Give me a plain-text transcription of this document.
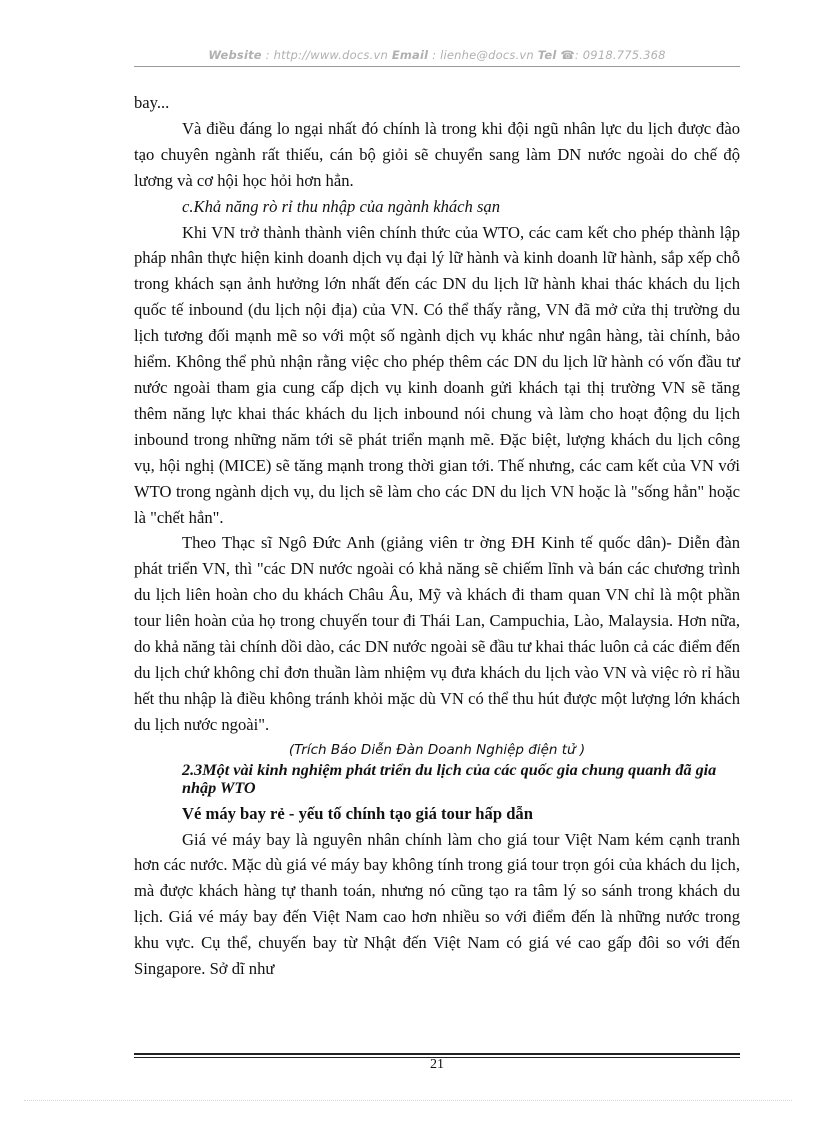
Website : http://www.docs.vn Email : lienhe@docs.vn Tel ☎: 0918.775.368

bay...

Và điều đáng lo ngại nhất đó chính là trong khi đội ngũ nhân lực du lịch được đào tạo chuyên ngành rất thiếu, cán bộ giỏi sẽ chuyển sang làm DN nước ngoài do chế độ lương và cơ hội học hỏi hơn hẳn.

c.Khả năng rò rỉ thu nhập của ngành khách sạn

Khi VN trở thành thành viên chính thức của WTO, các cam kết cho phép thành lập pháp nhân thực hiện kinh doanh dịch vụ đại lý lữ hành và kinh doanh lữ hành, sắp xếp chỗ trong khách sạn ảnh hưởng lớn nhất đến các DN du lịch lữ hành khai thác khách du lịch quốc tế inbound (du lịch nội địa) của VN. Có thể thấy rằng, VN đã mở cửa thị trường du lịch tương đối mạnh mẽ so với một số ngành dịch vụ khác như ngân hàng, tài chính, bảo hiểm. Không thể phủ nhận rằng việc cho phép thêm các DN du lịch lữ hành có vốn đầu tư nước ngoài tham gia cung cấp dịch vụ kinh doanh gửi khách tại thị trường VN sẽ tăng thêm năng lực khai thác khách du lịch inbound nói chung và làm cho hoạt động du lịch inbound trong những năm tới sẽ phát triển mạnh mẽ. Đặc biệt, lượng khách du lịch công vụ, hội nghị (MICE) sẽ tăng mạnh trong thời gian tới. Thế nhưng, các cam kết của VN với WTO trong ngành dịch vụ, du lịch sẽ làm cho các DN du lịch VN hoặc là "sống hẳn" hoặc là "chết hẳn".

Theo Thạc sĩ Ngô Đức Anh (giảng viên tr ờng ĐH Kinh tế quốc dân)- Diễn đàn phát triển VN, thì "các DN nước ngoài có khả năng sẽ chiếm lĩnh và bán các chương trình du lịch liên hoàn cho du khách Châu Âu, Mỹ và khách đi tham quan VN chỉ là một phần tour liên hoàn của họ trong chuyến tour đi Thái Lan, Campuchia, Lào, Malaysia. Hơn nữa, do khả năng tài chính dồi dào, các DN nước ngoài sẽ đầu tư khai thác luôn cả các điểm đến du lịch chứ không chỉ đơn thuần làm nhiệm vụ đưa khách du lịch vào VN và việc rò rỉ hầu hết thu nhập là điều không tránh khỏi mặc dù VN có thể thu hút được một lượng lớn khách du lịch nước ngoài".

(Trích Báo Diễn Đàn Doanh Nghiệp điện tử )

2.3Một vài kinh nghiệm phát triển du lịch của các quốc gia chung quanh đã gia nhập WTO

Vé máy bay rẻ - yếu tố chính tạo giá tour hấp dẫn

Giá vé máy bay là nguyên nhân chính làm cho giá tour Việt Nam kém cạnh tranh hơn các nước. Mặc dù giá vé máy bay không tính trong giá tour trọn gói của khách du lịch, mà được khách hàng tự thanh toán, nhưng nó cũng tạo ra tâm lý so sánh trong khách du lịch. Giá vé máy bay đến Việt Nam cao hơn nhiều so với điểm đến là những nước trong khu vực. Cụ thể, chuyến bay từ Nhật đến Việt Nam có giá vé cao gấp đôi so với đến Singapore. Sở dĩ như

21
